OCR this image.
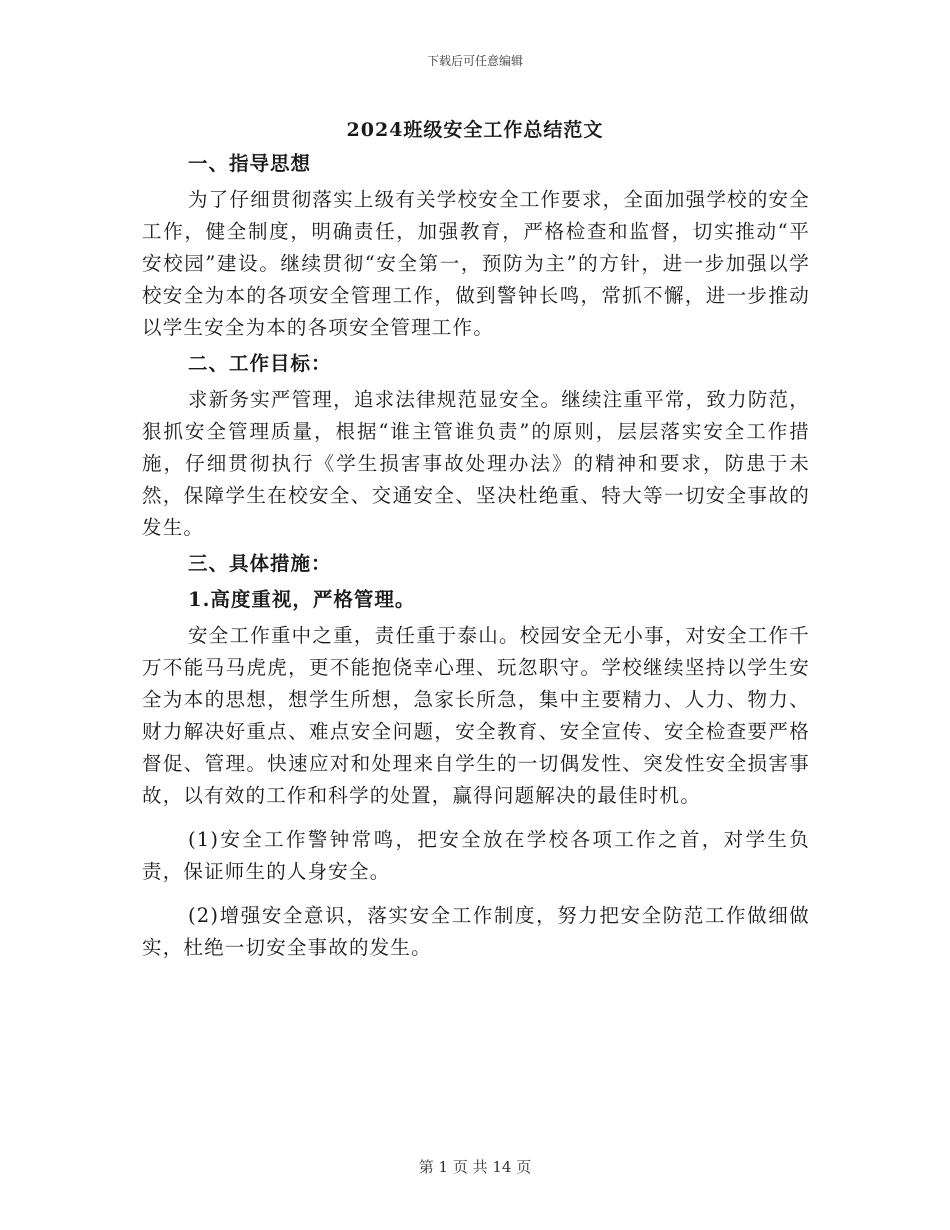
下载后可任意编辑
2024班级安全工作总结范文
一、指导思想

为了仔细贯彻落实上级有关学校安全工作要求，全面加强学校的安全工作，健全制度，明确责任，加强教育，严格检查和监督，切实推动“平安校园”建设。继续贯彻“安全第一，预防为主”的方针，进一步加强以学校安全为本的各项安全管理工作，做到警钟长鸣，常抓不懈，进一步推动以学生安全为本的各项安全管理工作。

二、工作目标：

求新务实严管理，追求法律规范显安全。继续注重平常，致力防范，狠抓安全管理质量，根据“谁主管谁负责”的原则，层层落实安全工作措施，仔细贯彻执行《学生损害事故处理办法》的精神和要求，防患于未然，保障学生在校安全、交通安全、坚决杜绝重、特大等一切安全事故的发生。

三、具体措施：
1.高度重视，严格管理。

安全工作重中之重，责任重于泰山。校园安全无小事，对安全工作千万不能马马虎虎，更不能抱侥幸心理、玩忽职守。学校继续坚持以学生安全为本的思想，想学生所想，急家长所急，集中主要精力、人力、物力、财力解决好重点、难点安全问题，安全教育、安全宣传、安全检查要严格督促、管理。快速应对和处理来自学生的一切偶发性、突发性安全损害事故，以有效的工作和科学的处置，赢得问题解决的最佳时机。

(1)安全工作警钟常鸣，把安全放在学校各项工作之首，对学生负责，保证师生的人身安全。

(2)增强安全意识，落实安全工作制度，努力把安全防范工作做细做实，杜绝一切安全事故的发生。

第 1 页 共 14 页
